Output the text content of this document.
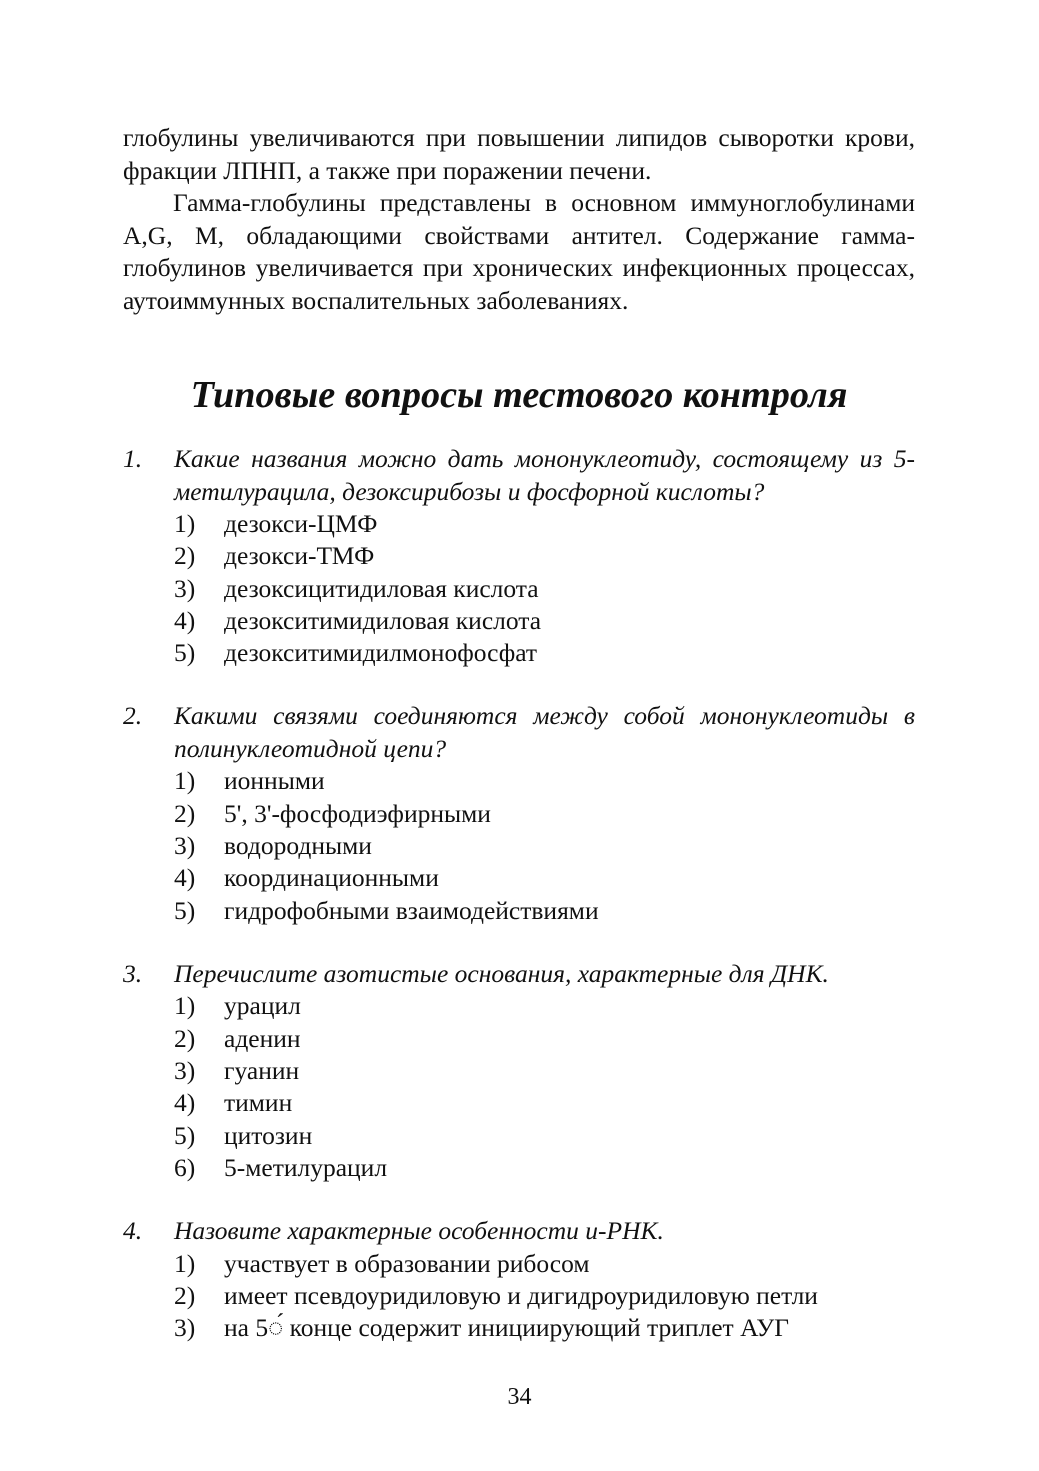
глобулины увеличиваются при повышении липидов сыворотки крови, фракции ЛПНП, а также при поражении печени.

Гамма-глобулины представлены в основном иммуноглобулинами A,G, M, обладающими свойствами антител. Содержание гамма-глобулинов увеличивается при хронических инфекционных процессах, аутоиммунных воспалительных заболеваниях.

Типовые вопросы тестового контроля
1. Какие названия можно дать мононуклеотиду, состоящему из 5-метилурацила, дезоксирибозы и фосфорной кислоты?

1) дезокси-ЦМФ
2) дезокси-ТМФ
3) дезоксицитидиловая кислота
4) дезокситимидиловая кислота
5) дезокситимидилмонофосфат
2. Какими связями соединяются между собой мононуклеотиды в полинуклеотидной цепи?

1) ионными
2) 5', 3'-фосфодиэфирными
3) водородными
4) координационными
5) гидрофобными взаимодействиями
3. Перечислите азотистые основания, характерные для ДНК.

1) урацил
2) аденин
3) гуанин
4) тимин
5) цитозин
6) 5-метилурацил
4. Назовите характерные особенности и-РНК.

1) участвует в образовании рибосом
2) имеет псевдоуридиловую и дигидроуридиловую петли
3) на 5◌́ конце содержит инициирующий триплет АУГ
34
